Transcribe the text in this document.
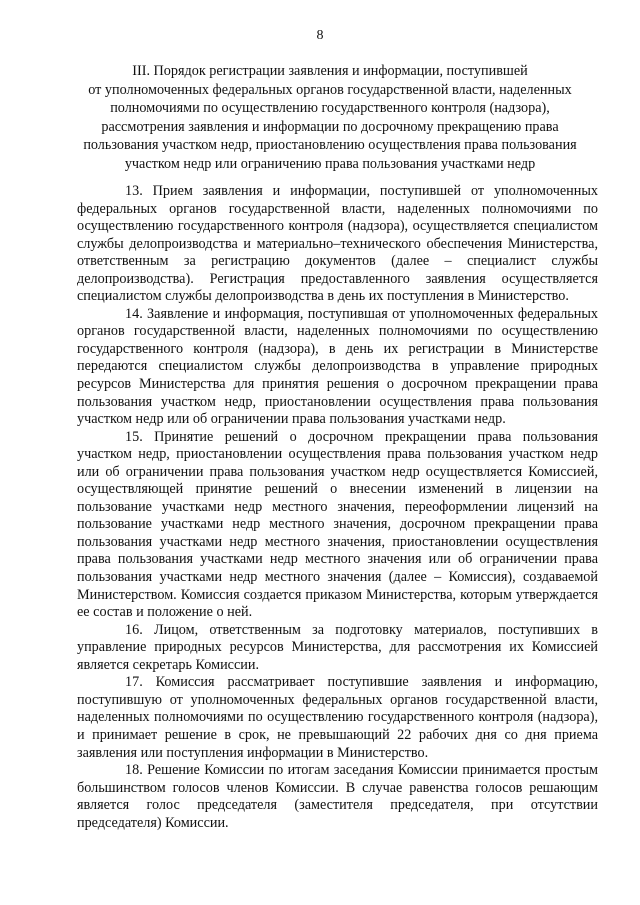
8
III. Порядок регистрации заявления и информации, поступившей
от уполномоченных федеральных органов государственной власти, наделенных
полномочиями по осуществлению государственного контроля (надзора),
рассмотрения заявления и информации по досрочному прекращению права
пользования участком недр, приостановлению осуществления права пользования
участком недр или ограничению права пользования участками недр

13. Прием заявления и информации, поступившей от уполномоченных федеральных органов государственной власти, наделенных полномочиями по осуществлению государственного контроля (надзора), осуществляется специалистом службы делопроизводства и материально–технического обеспечения Министерства, ответственным за регистрацию документов (далее – специалист службы делопроизводства). Регистрация предоставленного заявления осуществляется специалистом службы делопроизводства в день их поступления в Министерство.

14. Заявление и информация, поступившая от уполномоченных федеральных органов государственной власти, наделенных полномочиями по осуществлению государственного контроля (надзора), в день их регистрации в Министерстве передаются специалистом службы делопроизводства в управление природных ресурсов Министерства для принятия решения о досрочном прекращении права пользования участком недр, приостановлении осуществления права пользования участком недр или об ограничении права пользования участками недр.

15. Принятие решений о досрочном прекращении права пользования участком недр, приостановлении осуществления права пользования участком недр или об ограничении права пользования участком недр осуществляется Комиссией, осуществляющей принятие решений о внесении изменений в лицензии на пользование участками недр местного значения, переоформлении лицензий на пользование участками недр местного значения, досрочном прекращении права пользования участками недр местного значения, приостановлении осуществления права пользования участками недр местного значения или об ограничении права пользования участками недр местного значения (далее – Комиссия), создаваемой Министерством. Комиссия создается приказом Министерства, которым утверждается ее состав и положение о ней.

16. Лицом, ответственным за подготовку материалов, поступивших в управление природных ресурсов Министерства, для рассмотрения их Комиссией является секретарь Комиссии.

17. Комиссия рассматривает поступившие заявления и информацию, поступившую от уполномоченных федеральных органов государственной власти, наделенных полномочиями по осуществлению государственного контроля (надзора), и принимает решение в срок, не превышающий 22 рабочих дня со дня приема заявления или поступления информации в Министерство.

18. Решение Комиссии по итогам заседания Комиссии принимается простым большинством голосов членов Комиссии. В случае равенства голосов решающим является голос председателя (заместителя председателя, при отсутствии председателя) Комиссии.
